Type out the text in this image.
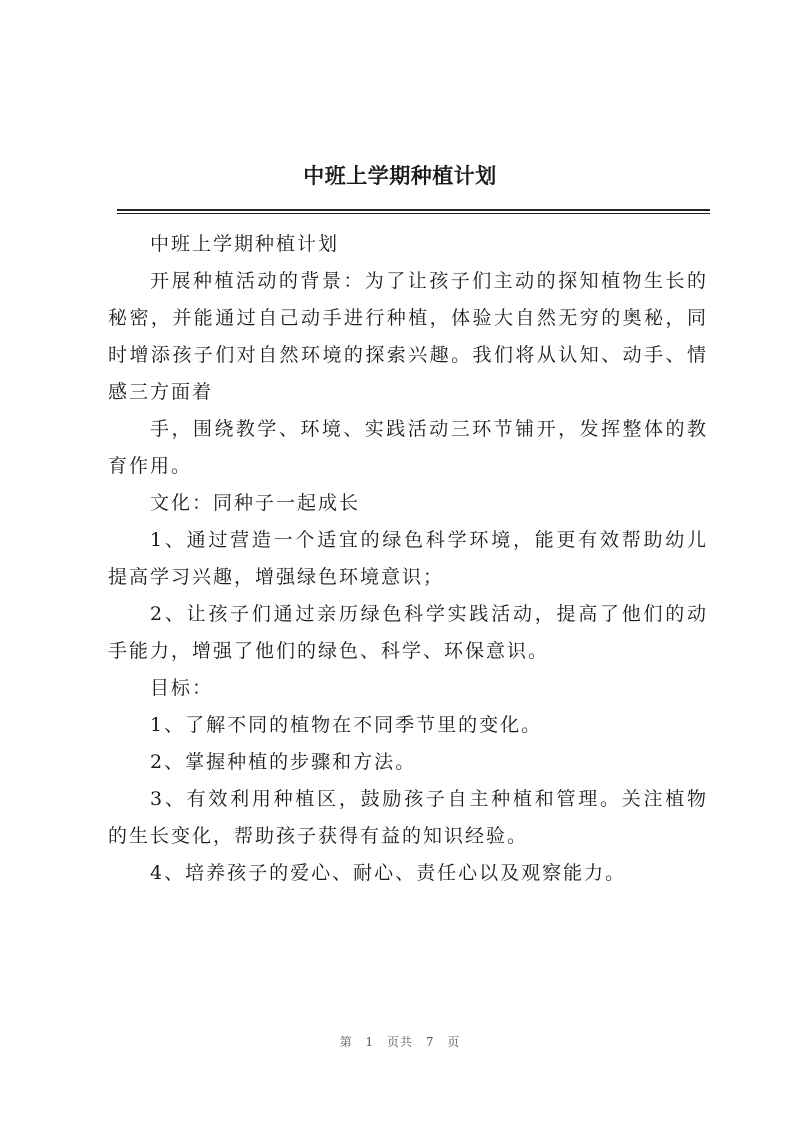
中班上学期种植计划

中班上学期种植计划

开展种植活动的背景：为了让孩子们主动的探知植物生长的秘密，并能通过自己动手进行种植，体验大自然无穷的奥秘，同时增添孩子们对自然环境的探索兴趣。我们将从认知、动手、情感三方面着

手，围绕教学、环境、实践活动三环节铺开，发挥整体的教育作用。

文化：同种子一起成长

1、通过营造一个适宜的绿色科学环境，能更有效帮助幼儿提高学习兴趣，增强绿色环境意识；

2、让孩子们通过亲历绿色科学实践活动，提高了他们的动手能力，增强了他们的绿色、科学、环保意识。

目标：

1、了解不同的植物在不同季节里的变化。

2、掌握种植的步骤和方法。

3、有效利用种植区，鼓励孩子自主种植和管理。关注植物的生长变化，帮助孩子获得有益的知识经验。

4、培养孩子的爱心、耐心、责任心以及观察能力。

第 1 页共 7 页
